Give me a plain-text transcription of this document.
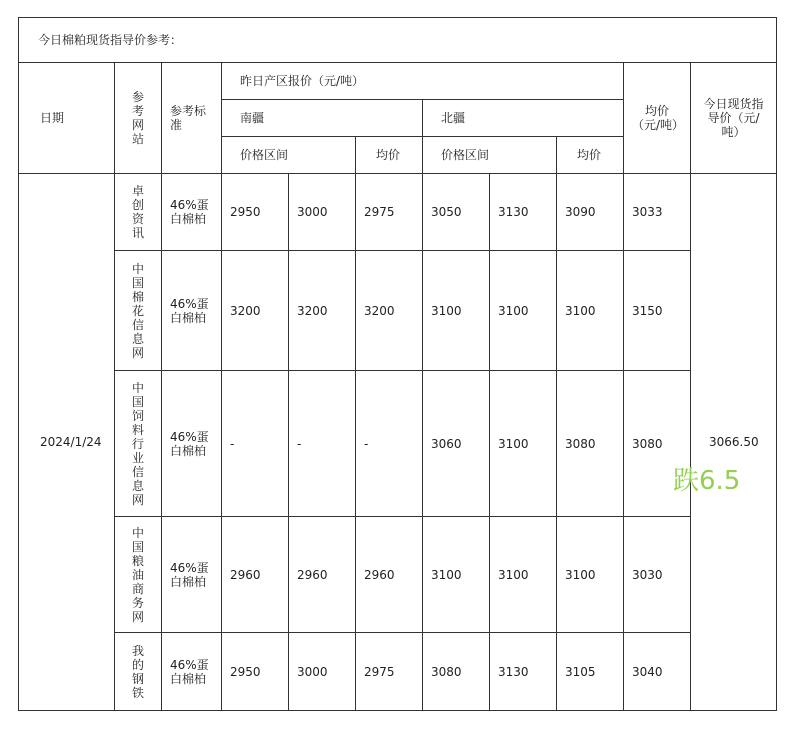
今日棉粕现货指导价参考：										
日期	参考网站	参考标准	昨日产区报价（元/吨）						均价（元/吨）	今日现货指导价（元/吨）
			南疆			北疆				
			价格区间		均价	价格区间		均价		
2024/1/24	卓创资讯	46%蛋白棉柏	2950	3000	2975	3050	3130	3090	3033	3066.50
	中国棉花信息网	46%蛋白棉柏	3200	3200	3200	3100	3100	3100	3150	
	中国饲料行业信息网	46%蛋白棉柏	-	-	-	3060	3100	3080	3080	
	中国粮油商务网	46%蛋白棉柏	2960	2960	2960	3100	3100	3100	3030	
	我的钢铁	46%蛋白棉柏	2950	3000	2975	3080	3130	3105	3040	
跌6.5
